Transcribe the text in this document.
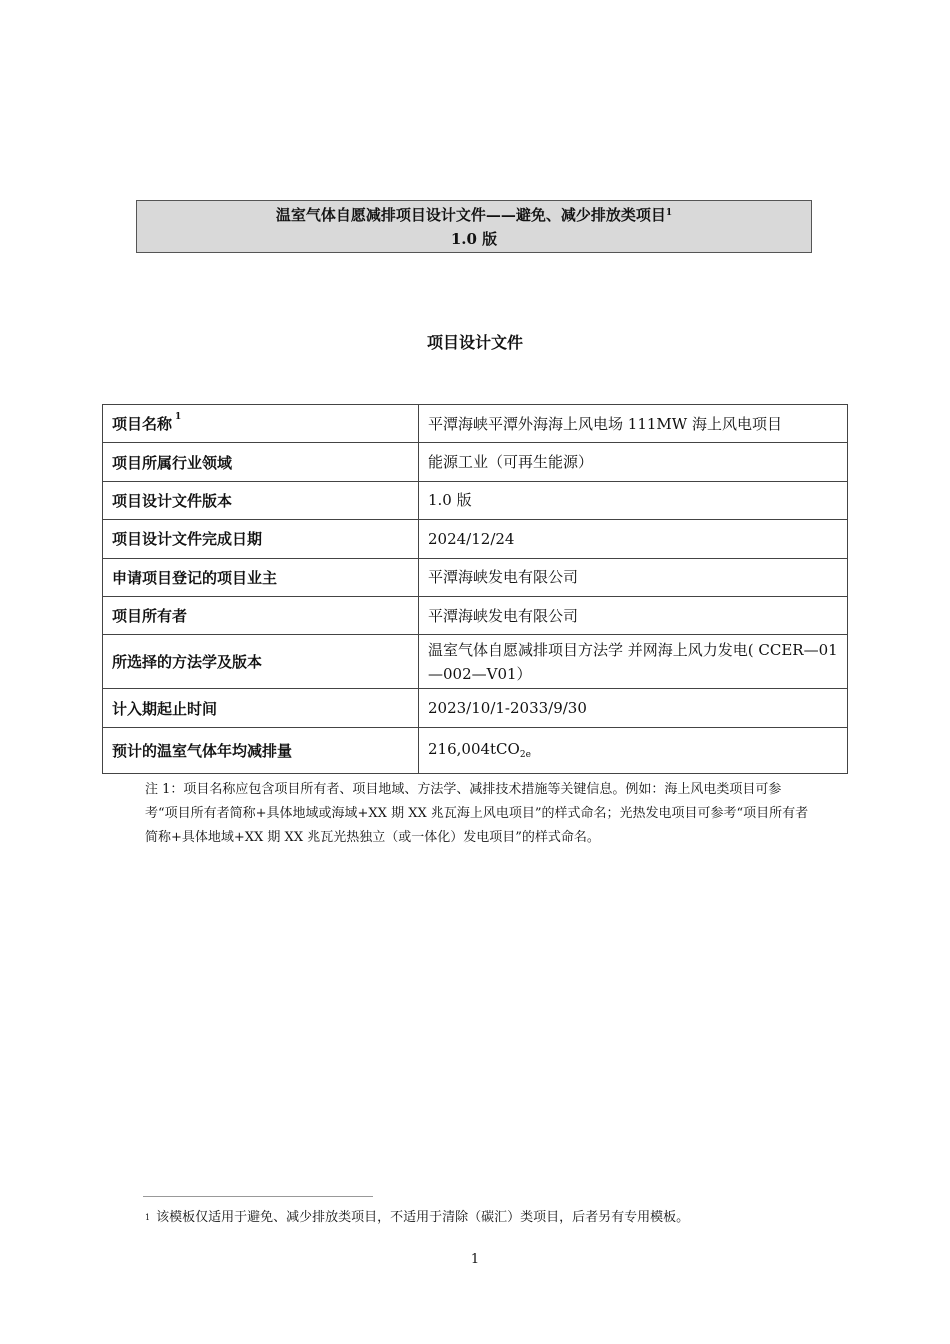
温室气体自愿减排项目设计文件——避免、减少排放类项目$^1$
1.0 版
项目设计文件
项目名称 $^1$	平潭海峡平潭外海海上风电场 111MW 海上风电项目
项目所属行业领域	能源工业（可再生能源）
项目设计文件版本	1.0 版
项目设计文件完成日期	2024/12/24
申请项目登记的项目业主	平潭海峡发电有限公司
项目所有者	平潭海峡发电有限公司
所选择的方法学及版本	温室气体自愿减排项目方法学 并网海上风力发电( CCER—01—002—V01）
计入期起止时间	2023/10/1-2033/9/30
预计的温室气体年均减排量	216,004tCO$_{2e}$
注 1：项目名称应包含项目所有者、项目地域、方法学、减排技术措施等关键信息。例如：海上风电类项目可参考“项目所有者简称+具体地域或海域+XX 期 XX 兆瓦海上风电项目”的样式命名；光热发电项目可参考“项目所有者简称+具体地域+XX 期 XX 兆瓦光热独立（或一体化）发电项目”的样式命名。
$^1$ 该模板仅适用于避免、减少排放类项目，不适用于清除（碳汇）类项目，后者另有专用模板。
1
